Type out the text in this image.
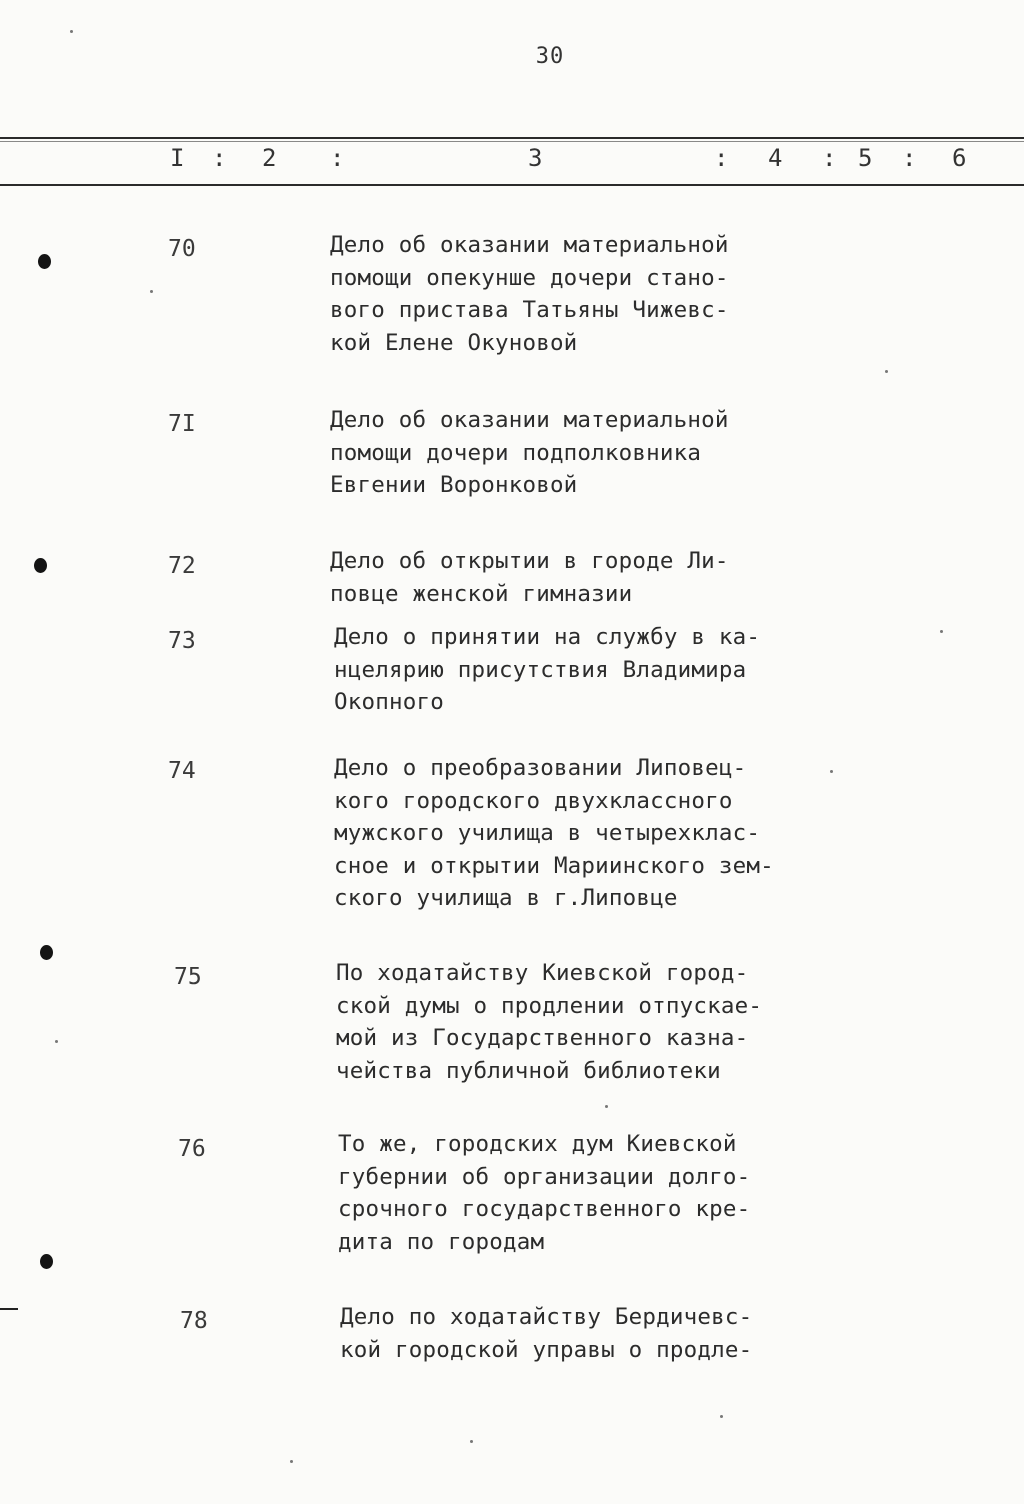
30
I : 2 :	3	: 4 : 5 : 6
70	Дело об оказании материальной
помощи опекунше дочери стано-
вого пристава Татьяны Чижевс-
кой Елене Окуновой
7I	Дело об оказании материальной
помощи дочери подполковника
Евгении Воронковой
72	Дело об открытии в городе Ли-
повце женской гимназии
73	Дело о принятии на службу в ка-
нцелярию присутствия Владимира
Окопного
74	Дело о преобразовании Липовец-
кого городского двухклассного
мужского училища в четырехклас-
сное и открытии Мариинского зем-
ского училища в г.Липовце
75	По ходатайству Киевской город-
ской думы о продлении отпускае-
мой из Государственного казна-
чейства публичной библиотеки
76	То же, городских дум Киевской
губернии об организации долго-
срочного государственного кре-
дита по городам
78	Дело по ходатайству Бердичевс-
кой городской управы о продле-
